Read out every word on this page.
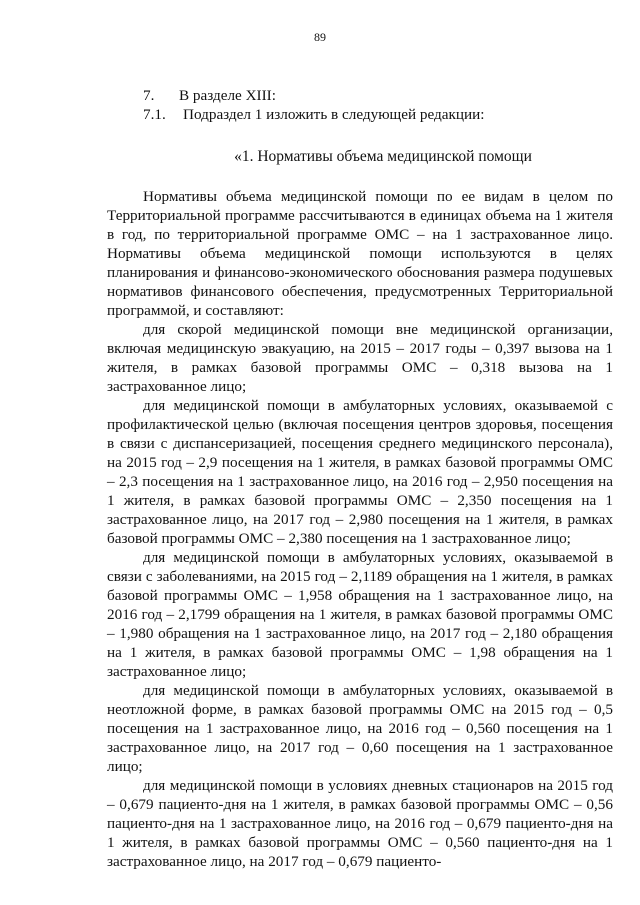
89
7.	В разделе XIII:
7.1.	Подраздел 1 изложить в следующей редакции:
«1. Нормативы объема медицинской помощи

Нормативы объема медицинской помощи по ее видам в целом по Территориальной программе рассчитываются в единицах объема на 1 жителя в год, по территориальной программе ОМС – на 1 застрахованное лицо. Нормативы объема медицинской помощи используются в целях планирования и финансово-экономического обоснования размера подушевых нормативов финансового обеспечения, предусмотренных Территориальной программой, и составляют:

для скорой медицинской помощи вне медицинской организации, включая медицинскую эвакуацию, на 2015 – 2017 годы – 0,397 вызова на 1 жителя, в рамках базовой программы ОМС – 0,318 вызова на 1 застрахованное лицо;

для медицинской помощи в амбулаторных условиях, оказываемой с профилактической целью (включая посещения центров здоровья, посещения в связи с диспансеризацией, посещения среднего медицинского персонала), на 2015 год – 2,9 посещения на 1 жителя, в рамках базовой программы ОМС – 2,3 посещения на 1 застрахованное лицо, на 2016 год – 2,950 посещения на 1 жителя, в рамках базовой программы ОМС – 2,350 посещения на 1 застрахованное лицо, на 2017 год – 2,980 посещения на 1 жителя, в рамках базовой программы ОМС – 2,380 посещения на 1 застрахованное лицо;

для медицинской помощи в амбулаторных условиях, оказываемой в связи с заболеваниями, на 2015 год – 2,1189 обращения на 1 жителя, в рамках базовой программы ОМС – 1,958 обращения на 1 застрахованное лицо, на 2016 год – 2,1799 обращения на 1 жителя, в рамках базовой программы ОМС – 1,980 обращения на 1 застрахованное лицо, на 2017 год – 2,180 обращения на 1 жителя, в рамках базовой программы ОМС – 1,98 обращения на 1 застрахованное лицо;

для медицинской помощи в амбулаторных условиях, оказываемой в неотложной форме, в рамках базовой программы ОМС на 2015 год – 0,5 посещения на 1 застрахованное лицо, на 2016 год – 0,560 посещения на 1 застрахованное лицо, на 2017 год – 0,60 посещения на 1 застрахованное лицо;

для медицинской помощи в условиях дневных стационаров на 2015 год – 0,679 пациенто-дня на 1 жителя, в рамках базовой программы ОМС – 0,56 пациенто-дня на 1 застрахованное лицо, на 2016 год – 0,679 пациенто-дня на 1 жителя, в рамках базовой программы ОМС – 0,560 пациенто-дня на 1 застрахованное лицо, на 2017 год – 0,679 пациенто-
